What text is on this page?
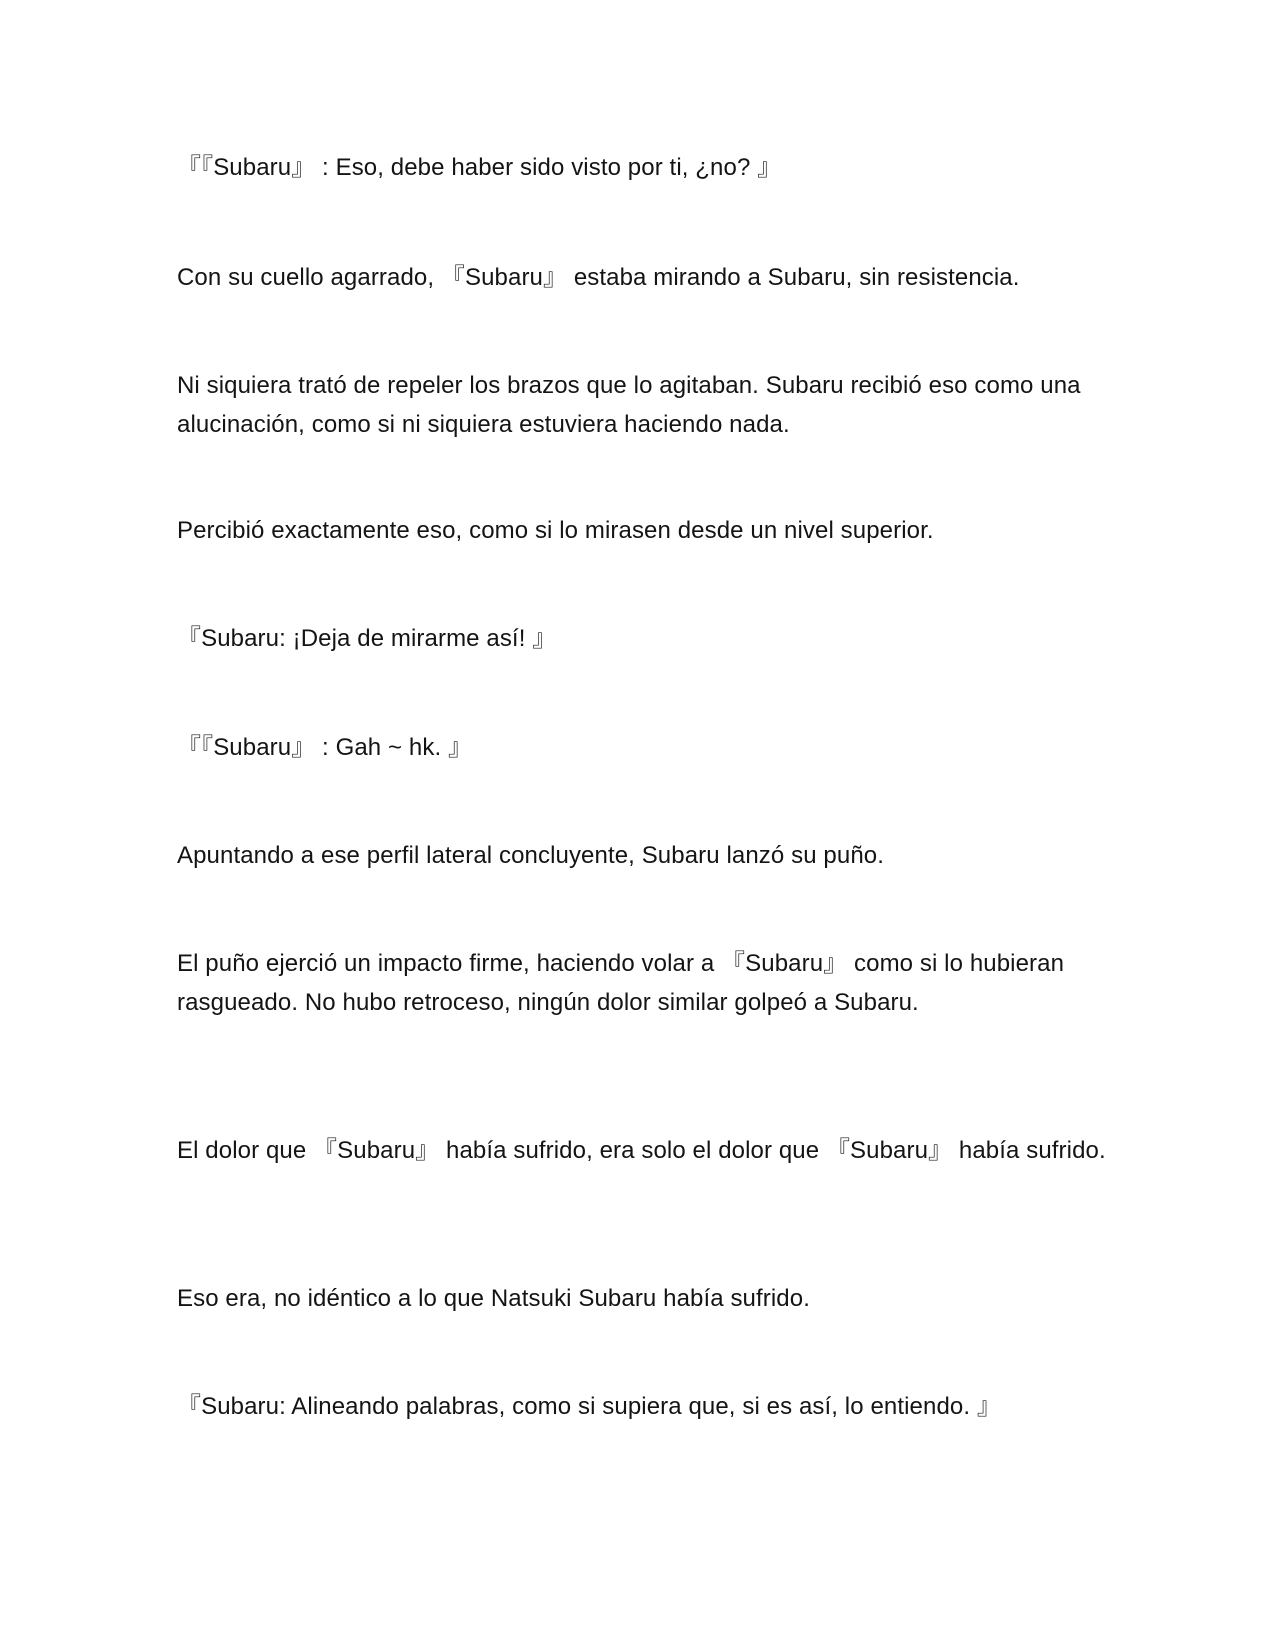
『『Subaru』 : Eso, debe haber sido visto por ti, ¿no? 』

Con su cuello agarrado, 『Subaru』 estaba mirando a Subaru, sin resistencia.

Ni siquiera trató de repeler los brazos que lo agitaban. Subaru recibió eso como una alucinación, como si ni siquiera estuviera haciendo nada.

Percibió exactamente eso, como si lo mirasen desde un nivel superior.

『Subaru: ¡Deja de mirarme así! 』

『『Subaru』 : Gah ~ hk. 』

Apuntando a ese perfil lateral concluyente, Subaru lanzó su puño.

El puño ejerció un impacto firme, haciendo volar a 『Subaru』 como si lo hubieran rasgueado. No hubo retroceso, ningún dolor similar golpeó a Subaru.

El dolor que 『Subaru』 había sufrido, era solo el dolor que 『Subaru』 había sufrido.

Eso era, no idéntico a lo que Natsuki Subaru había sufrido.

『Subaru: Alineando palabras, como si supiera que, si es así, lo entiendo. 』
